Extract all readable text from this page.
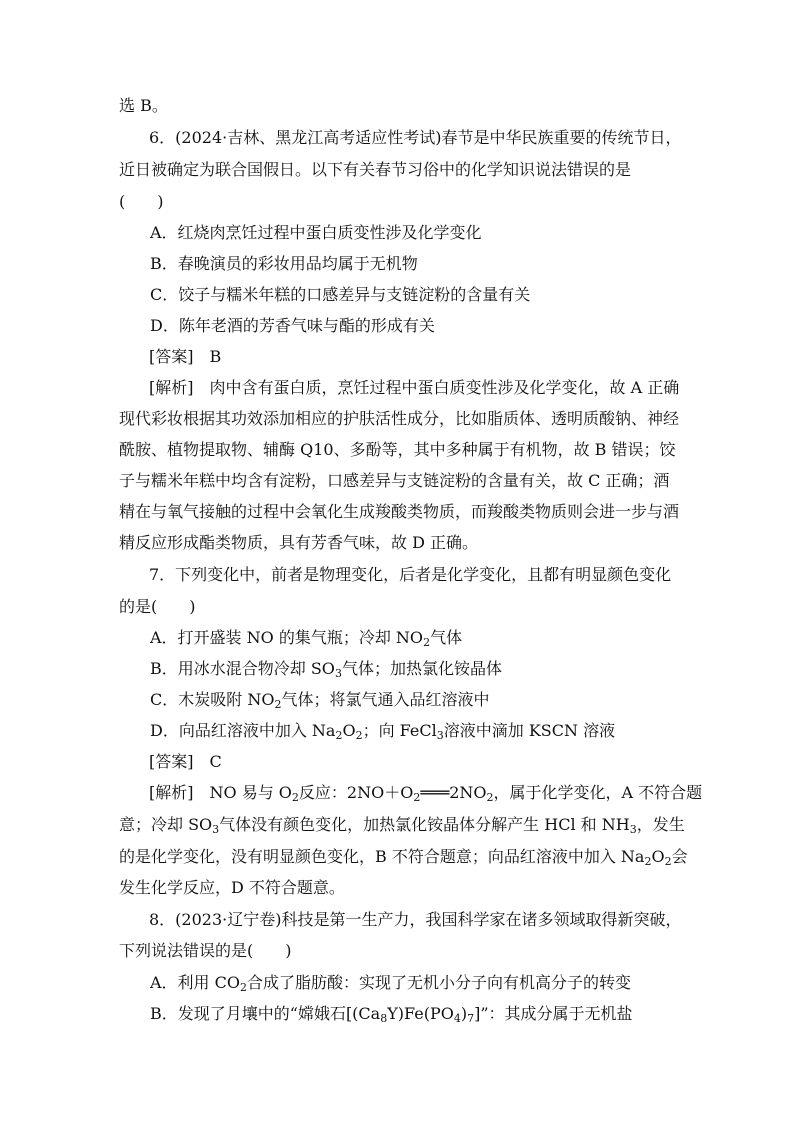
选 B。
6．(2024·吉林、黑龙江高考适应性考试)春节是中华民族重要的传统节日，
近日被确定为联合国假日。以下有关春节习俗中的化学知识说法错误的是
(　　)
A．红烧肉烹饪过程中蛋白质变性涉及化学变化
B．春晚演员的彩妆用品均属于无机物
C．饺子与糯米年糕的口感差异与支链淀粉的含量有关
D．陈年老酒的芳香气味与酯的形成有关
[答案]　B
[解析]　肉中含有蛋白质，烹饪过程中蛋白质变性涉及化学变化，故 A 正确
现代彩妆根据其功效添加相应的护肤活性成分，比如脂质体、透明质酸钠、神经
酰胺、植物提取物、辅酶 Q10、多酚等，其中多种属于有机物，故 B 错误；饺
子与糯米年糕中均含有淀粉，口感差异与支链淀粉的含量有关，故 C 正确；酒
精在与氧气接触的过程中会氧化生成羧酸类物质，而羧酸类物质则会进一步与酒
精反应形成酯类物质，具有芳香气味，故 D 正确。
7．下列变化中，前者是物理变化，后者是化学变化，且都有明显颜色变化
的是(　　)
A．打开盛装 NO 的集气瓶；冷却 $NO_2$气体
B．用冰水混合物冷却 $SO_3$气体；加热氯化铵晶体
C．木炭吸附 $NO_2$气体；将氯气通入品红溶液中
D．向品红溶液中加入 $Na_2O_2$；向 FeCl$_3$溶液中滴加 KSCN 溶液
[答案]　C
[解析]　NO 易与 $O_2$反应：$2NO+O_2═══2NO_2$，属于化学变化，A 不符合题
意；冷却 $SO_3$气体没有颜色变化，加热氯化铵晶体分解产生 HCl 和 $NH_3$，发生
的是化学变化，没有明显颜色变化，B 不符合题意；向品红溶液中加入 $Na_2O_2$会
发生化学反应，D 不符合题意。
8．(2023·辽宁卷)科技是第一生产力，我国科学家在诸多领域取得新突破，
下列说法错误的是(　　)
A．利用 $CO_2$合成了脂肪酸：实现了无机小分子向有机高分子的转变
B．发现了月壤中的“嫦娥石$[(Ca_8Y)Fe(PO_4)_7]$”：其成分属于无机盐
